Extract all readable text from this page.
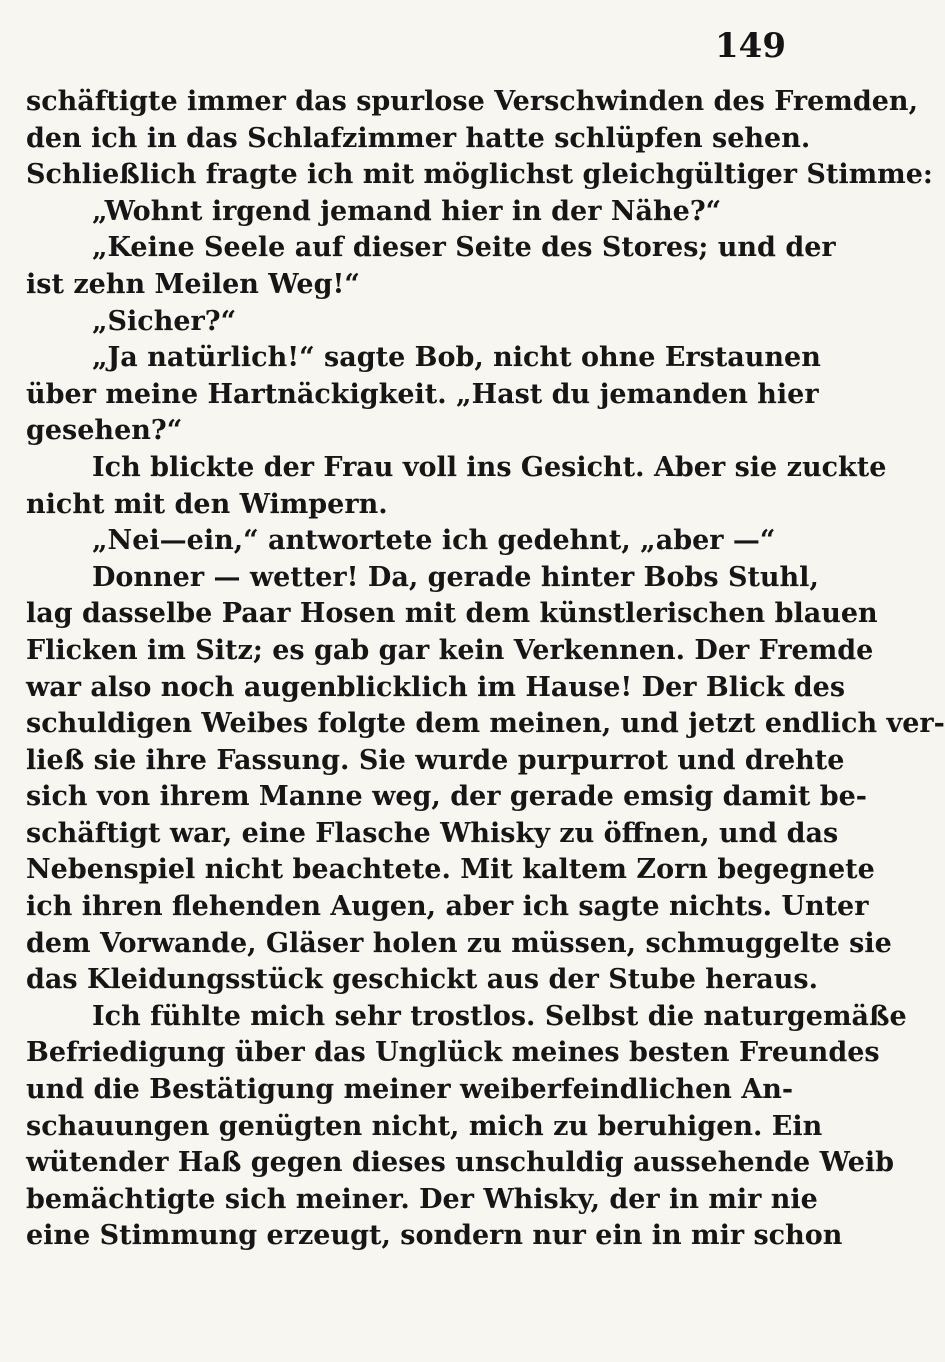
149
schäftigte immer das spurlose Verschwinden des Fremden,
den ich in das Schlafzimmer hatte schlüpfen sehen.
Schließlich fragte ich mit möglichst gleichgültiger Stimme:
„Wohnt irgend jemand hier in der Nähe?“
„Keine Seele auf dieser Seite des Stores; und der
ist zehn Meilen Weg!“
„Sicher?“
„Ja natürlich!“ sagte Bob, nicht ohne Erstaunen
über meine Hartnäckigkeit. „Hast du jemanden hier
gesehen?“
Ich blickte der Frau voll ins Gesicht. Aber sie zuckte
nicht mit den Wimpern.
„Nei—ein,“ antwortete ich gedehnt, „aber —“
Donner — wetter! Da, gerade hinter Bobs Stuhl,
lag dasselbe Paar Hosen mit dem künstlerischen blauen
Flicken im Sitz; es gab gar kein Verkennen. Der Fremde
war also noch augenblicklich im Hause! Der Blick des
schuldigen Weibes folgte dem meinen, und jetzt endlich ver-
ließ sie ihre Fassung. Sie wurde purpurrot und drehte
sich von ihrem Manne weg, der gerade emsig damit be-
schäftigt war, eine Flasche Whisky zu öffnen, und das
Nebenspiel nicht beachtete. Mit kaltem Zorn begegnete
ich ihren flehenden Augen, aber ich sagte nichts. Unter
dem Vorwande, Gläser holen zu müssen, schmuggelte sie
das Kleidungsstück geschickt aus der Stube heraus.
Ich fühlte mich sehr trostlos. Selbst die naturgemäße
Befriedigung über das Unglück meines besten Freundes
und die Bestätigung meiner weiberfeindlichen An-
schauungen genügten nicht, mich zu beruhigen. Ein
wütender Haß gegen dieses unschuldig aussehende Weib
bemächtigte sich meiner. Der Whisky, der in mir nie
eine Stimmung erzeugt, sondern nur ein in mir schon
